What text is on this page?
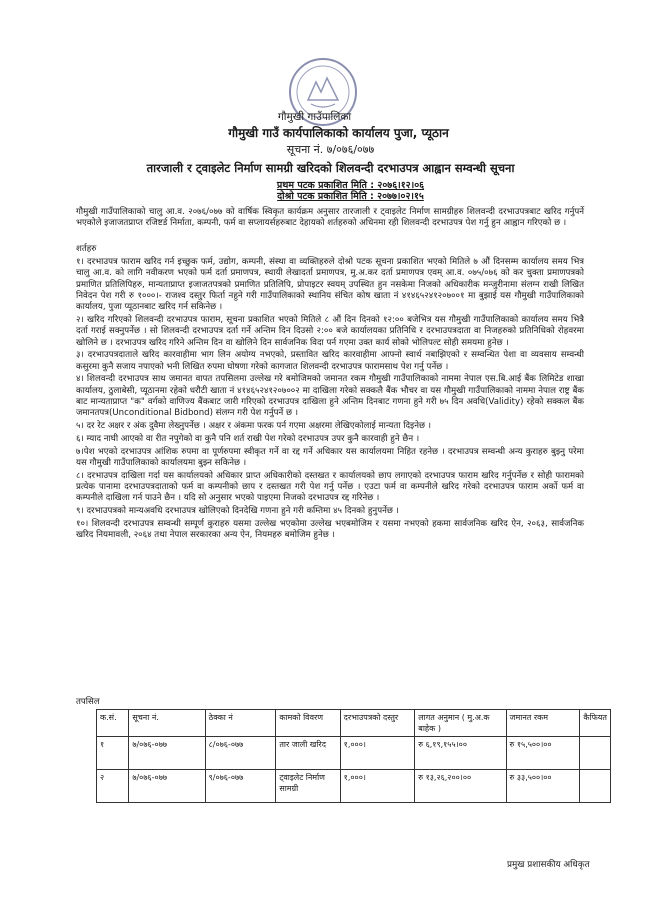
गौमुखी गाउँपालिका
गौमुखी गाउँ कार्यपालिकाको कार्यालय पुजा, प्यूठान
सूचना नं. ७/०७६/०७७
तारजाली र ट्वाइलेट निर्माण सामग्री खरिदको शिलवन्दी दरभाउपत्र आह्वान सम्वन्धी सूचना
प्रथम पटक प्रकाशित मिति : २०७६।१२।०६
दोश्रो पटक प्रकाशित मिति : २०७७।०२।१५
गौमुखी गाउँपालिकाको चालु आ.व. २०७६/०७७ को वार्षिक स्विकृत कार्यक्रम अनुसार तारजाली र ट्वाइलेट निर्माण सामग्रीहरु शिलवन्दी दरभाउपत्रबाट खरिद गर्नुपर्ने भएकोले इजाजतप्राप्त रजिष्टर्ड निर्माता, कम्पनी, फर्म वा सप्लायर्सहरुबाट देहायको शर्तहरुको अधिनमा रही शिलवन्दी दरभाउपत्र पेश गर्नु हुन आह्वान गरिएको छ ।
शर्तहरु

१। दरभाउपत्र फाराम खरिद गर्न इच्छुक फर्म, उद्योग, कम्पनी, संस्था वा व्यक्तिहरुले दोश्रो पटक सूचना प्रकाशित भएको मितिले ७ औं दिनसम्म कार्यालय समय भित्र चालु आ.व. को लागि नवीकरण भएको फर्म दर्ता प्रमाणपत्र, स्थायी लेखादर्ता प्रमाणपत्र, मु.अ.कर दर्ता प्रमाणपत्र एवम् आ.व. ०७५/०७६ को कर चुक्ता प्रमाणपत्रको प्रमाणित प्रतिलिपिहरु, मान्यताप्राप्त इजाजतपत्रको प्रमाणित प्रतिलिपि, प्रोपाइटर स्वयम् उपस्थित हुन नसकेमा निजको अधिकारीक मन्जुरीनामा संलग्न राखी लिखित निवेदन पेश गरी रु १०००।- राजश्व दस्तुर फिर्ता नहुने गरी गाउँपालिकाको स्थानिय संचित कोष खाता नं ४१४६५२४१२०७००१ मा बुझाई यस गौमुखी गाउँपालिकाको कार्यालय, पुजा प्यूठानबाट खरिद गर्न सकिनेछ ।

२। खरिद गरिएको शिलवन्दी दरभाउपत्र फाराम, सूचना प्रकाशित भएको मितिले ८ औं दिन दिनको १२:०० बजेभित्र यस गौमुखी गाउँपालिकाको कार्यालय समय भित्रै दर्ता गराई सक्नुपर्नेछ । सो शिलवन्दी दरभाउपत्र दर्ता गर्ने अन्तिम दिन दिउसो २:०० बजे कार्यालयका प्रतिनिधि र दरभाउपत्रदाता वा निजहरुको प्रतिनिधिको रोहवरमा खोलिने छ । दरभाउपत्र खरिद गरिने अन्तिम दिन वा खोलिने दिन सार्वजनिक विदा पर्न गएमा उक्त कार्य सोको भोलिपल्ट सोही समयमा हुनेछ ।

३। दरभाउपत्रदाताले खरिद कारवाहीमा भाग लिन अयोग्य नभएको, प्रस्तावित खरिद कारवाहीमा आफ्नो स्वार्थ नबाझिएको र सम्वन्धित पेशा वा व्यवसाय सम्वन्धी कसुरमा कुनै सजाय नपाएको भनी लिखित रुपमा घोषणा गरेको कागजात शिलवन्दी दरभाउपत्र फारामसाथ पेश गर्नु पर्नेछ ।

४। शिलवन्दी दरभाउपत्र साथ जमानत वापत तपसिलमा उल्लेख गरे बमोजिमको जमानत रकम गौमुखी गाउँपालिकाको नाममा नेपाल एस.बि.आई बैंक लिमिटेड शाखा कार्यालय, ठुलाबेसी, प्यूठानमा रहेको धरौटी खाता नं ४१४६५२४१२०७००२ मा दाखिला गरेको सक्कलै बैंक भौचर वा यस गौमुखी गाउँपालिकाको नाममा नेपाल राष्ट्र बैंक बाट मान्यताप्राप्त "क" वर्गको वाणिज्य बैंकबाट जारी गरिएको दरभाउपत्र दाखिला हुने अन्तिम दिनबाट गणना हुने गरी ७५ दिन अवधि(Validity) रहेको सक्कल बैंक जमानतपत्र(Unconditional Bidbond) संलग्न गरी पेश गर्नुपर्ने छ ।

५। दर रेट अक्षर र अंक दुवैमा लेख्नुपर्नेछ । अक्षर र अंकमा फरक पर्न गएमा अक्षरमा लेखिएकोलाई मान्यता दिइनेछ ।

६। म्याद नाघी आएको वा रीत नपुगेको वा कुनै पनि शर्त राखी पेश गरेको दरभाउपत्र उपर कुनै कारवाही हुने छैन ।

७।पेश भएको दरभाउपत्र आंशिक रुपमा वा पूर्णरुपमा स्वीकृत गर्ने वा रद्द गर्ने अधिकार यस कार्यालयमा निहित रहनेछ । दरभाउपत्र सम्वन्धी अन्य कुराहरु बुझ्नु परेमा यस गौमुखी गाउँपालिकाको कार्यालयमा बुझ्न सकिनेछ ।

८। दरभाउपत्र दाखिला गर्दा यस कार्यालयको अधिकार प्राप्त अधिकारीको दस्तखत र कार्यालयको छाप लगाएको दरभाउपत्र फाराम खरिद गर्नुपर्नेछ र सोही फारामको प्रत्येक पानामा दरभाउपत्रदाताको फर्म वा कम्पनीको छाप र दस्तखत गरी पेश गर्नु पर्नेछ । एउटा फर्म वा कम्पनीले खरिद गरेको दरभाउपत्र फाराम अर्को फर्म वा कम्पनीले दाखिला गर्न पाउने छैन । यदि सो अनुसार भएको पाइएमा निजको दरभाउपत्र रद्द गरिनेछ ।

९। दरभाउपत्रको मान्यअवधि दरभाउपत्र खोलिएको दिनदेखि गणना हुने गरी कम्तिमा ४५ दिनको हुनुपर्नेछ ।

१०। शिलवन्दी दरभाउपत्र सम्वन्धी सम्पूर्ण कुराहरु यसमा उल्लेख भएकोमा उल्लेख भएबमोजिम र यसमा नभएको हकमा सार्वजनिक खरिद ऐन, २०६३, सार्वजनिक खरिद नियमावली, २०६४ तथा नेपाल सरकारका अन्य ऐन, नियमहरु बमोजिम हुनेछ ।

तपसिल
क.सं.	सूचना नं.	ठेक्का नं	कामको विवरण	दरभाउपत्रको दस्तुर	लागत अनुमान ( मु.अ.क बाहेक )	जमानत रकम	कैफियत
१	७/०७६-०७७	८/०७६-०७७	तार जाली खरिद	१,०००।	रु ६,१९,१५५।००	रु १५,५००।००	
२	७/०७६-०७७	९/०७६-०७७	ट्वाइलेट निर्माण सामग्री	१,०००।	रु १३,२६,२००।००	रु ३३,५००।००	
प्रमुख प्रशासकीय अधिकृत
